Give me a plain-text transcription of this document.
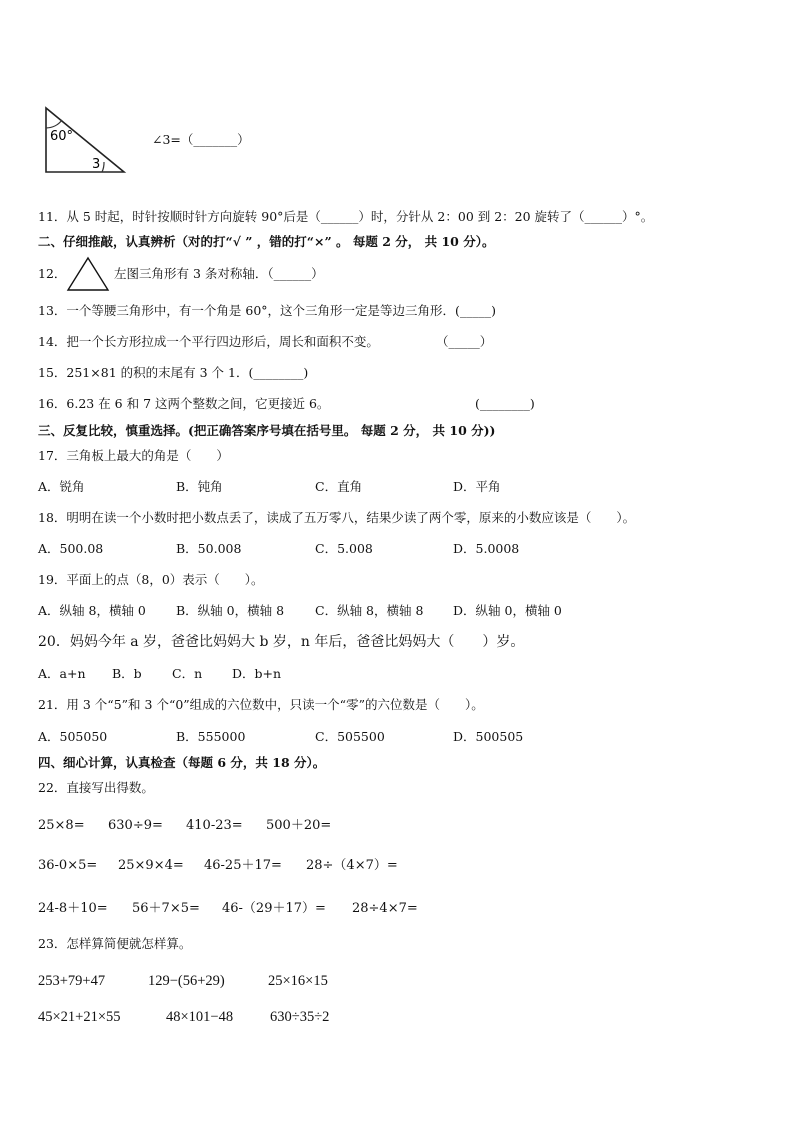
60°
3
∠3=（_______）
11．从 5 时起，时针按顺时针方向旋转 90°后是（______）时，分针从 2：00 到 2：20 旋转了（______）°。
二、仔细推敲，认真辨析（对的打“√ ” ，错的打“×” 。 每题 2 分， 共 10 分）。
12．	左图三角形有 3 条对称轴．（______）
13．一个等腰三角形中，有一个角是 60°，这个三角形一定是等边三角形．(_____)
14．把一个长方形拉成一个平行四边形后，周长和面积不变。	（_____）
15．251×81 的积的末尾有 3 个 1．(________)
16．6.23 在 6 和 7 这两个整数之间，它更接近 6。	(________)
三、反复比较，慎重选择。(把正确答案序号填在括号里。 每题 2 分， 共 10 分))
17．三角板上最大的角是（　　）
A．锐角	B．钝角	C．直角	D．平角
18．明明在读一个小数时把小数点丢了，读成了五万零八，结果少读了两个零，原来的小数应该是（　　）。
A．500.08	B．50.008	C．5.008	D．5.0008
19．平面上的点（8，0）表示（　　）。
A．纵轴 8，横轴 0 B．纵轴 0，横轴 8 C．纵轴 8，横轴 8 D．纵轴 0，横轴 0
20．妈妈今年 a 岁，爸爸比妈妈大 b 岁，n 年后，爸爸比妈妈大（　　）岁。
A．a+n B．b C．n D．b+n
21．用 3 个“5”和 3 个“0”组成的六位数中，只读一个“零”的六位数是（　　）。
A．505050	B．555000	C．505500	D．500505
四、细心计算，认真检查（每题 6 分，共 18 分）。
22．直接写出得数。
25×8= 630÷9= 410-23= 500＋20=
36-0×5= 25×9×4= 46-25＋17= 28÷（4×7）=
24-8＋10= 56＋7×5= 46-（29＋17）= 28÷4×7=
23．怎样算简便就怎样算。
253+79+47	129−(56+29)	25×16×15
45×21+21×55	48×101−48	630÷35÷2
